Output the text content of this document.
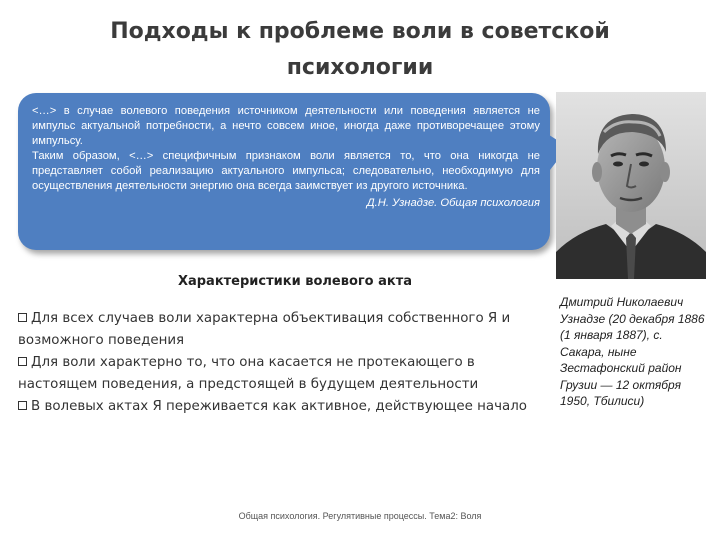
Подходы к проблеме воли в советской психологии

<…> в случае волевого поведения источником деятельности или поведения является не импульс актуальной потребности, а нечто совсем иное, иногда даже противоречащее этому импульсу.

Таким образом, <…> специфичным признаком воли является то, что она никогда не представляет собой реализацию актуального импульса; следовательно, необходимую для осуществления деятельности энергию она всегда заимствует из другого источника.

Д.Н. Узнадзе. Общая психология
Характеристики волевого акта
Для всех случаев воли характерна объективация собственного Я и возможного поведения
Для воли характерно то, что она касается не протекающего в настоящем поведения, а предстоящей в будущем деятельности
В волевых актах Я переживается как активное, действующее начало
Дмитрий Николаевич Узнадзе (20 декабря 1886 (1 января 1887), с. Сакара, ныне Зестафонский район Грузии — 12 октября 1950, Тбилиси)
Общая психология. Регулятивные процессы. Тема2: Воля
